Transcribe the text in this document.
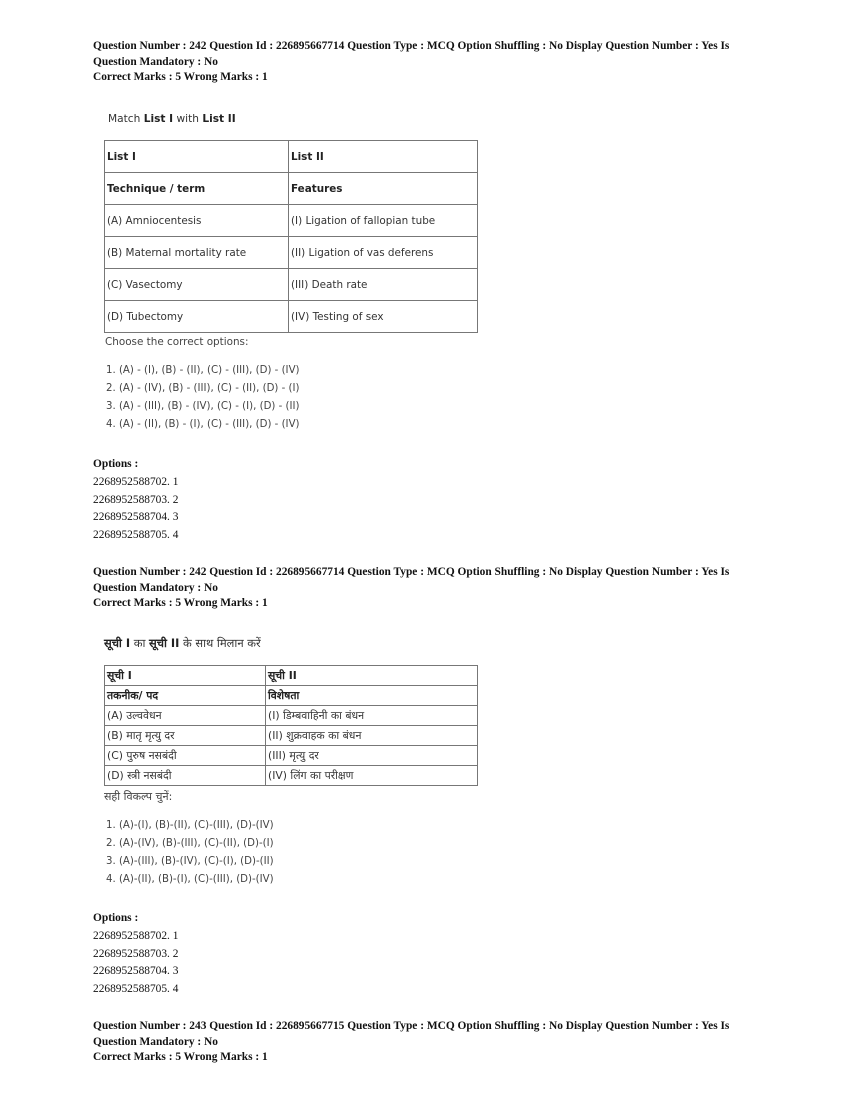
Question Number : 242 Question Id : 226895667714 Question Type : MCQ Option Shuffling : No Display Question Number : Yes Is
Question Mandatory : No
Correct Marks : 5 Wrong Marks : 1
Match List I with List II
List I	List II
Technique / term	Features
(A) Amniocentesis	(I) Ligation of fallopian tube
(B) Maternal mortality rate	(II) Ligation of vas deferens
(C) Vasectomy	(III) Death rate
(D) Tubectomy	(IV) Testing of sex
Choose the correct options:
1. (A) - (I), (B) - (II), (C) - (III), (D) - (IV)
2. (A) - (IV), (B) - (III), (C) - (II), (D) - (I)
3. (A) - (III), (B) - (IV), (C) - (I), (D) - (II)
4. (A) - (II), (B) - (I), (C) - (III), (D) - (IV)
Options :
2268952588702. 1
2268952588703. 2
2268952588704. 3
2268952588705. 4
Question Number : 242 Question Id : 226895667714 Question Type : MCQ Option Shuffling : No Display Question Number : Yes Is
Question Mandatory : No
Correct Marks : 5 Wrong Marks : 1
सूची I का सूची II के साथ मिलान करें
सूची I	सूची II
तकनीक/ पद	विशेषता
(A) उल्ववेधन	(I) डिम्बवाहिनी का बंधन
(B) मातृ मृत्यु दर	(II) शुक्रवाहक का बंधन
(C) पुरुष नसबंदी	(III) मृत्यु दर
(D) स्त्री नसबंदी	(IV) लिंग का परीक्षण
सही विकल्प चुनें:
1. (A)-(I), (B)-(II), (C)-(III), (D)-(IV)
2. (A)-(IV), (B)-(III), (C)-(II), (D)-(I)
3. (A)-(III), (B)-(IV), (C)-(I), (D)-(II)
4. (A)-(II), (B)-(I), (C)-(III), (D)-(IV)
Options :
2268952588702. 1
2268952588703. 2
2268952588704. 3
2268952588705. 4
Question Number : 243 Question Id : 226895667715 Question Type : MCQ Option Shuffling : No Display Question Number : Yes Is
Question Mandatory : No
Correct Marks : 5 Wrong Marks : 1
